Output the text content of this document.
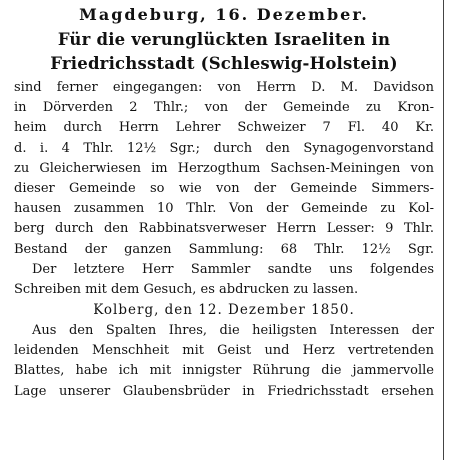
Magdeburg, 16. Dezember.
Für die verunglückten Israeliten in
Friedrichsstadt (Schleswig-Holstein)
sind ferner eingegangen: von Herrn D. M. Davidson
in Dörverden 2 Thlr.; von der Gemeinde zu Kron-
heim durch Herrn Lehrer Schweizer 7 Fl. 40 Kr.
d. i. 4 Thlr. 12½ Sgr.; durch den Synagogenvorstand
zu Gleicherwiesen im Herzogthum Sachsen-Meiningen von
dieser Gemeinde so wie von der Gemeinde Simmers-
hausen zusammen 10 Thlr. Von der Gemeinde zu Kol-
berg durch den Rabbinatsverweser Herrn Lesser: 9 Thlr.
Bestand der ganzen Sammlung: 68 Thlr. 12½ Sgr.
Der letztere Herr Sammler sandte uns folgendes
Schreiben mit dem Gesuch, es abdrucken zu lassen.
Kolberg, den 12. Dezember 1850.
Aus den Spalten Ihres, die heiligsten Interessen der
leidenden Menschheit mit Geist und Herz vertretenden
Blattes, habe ich mit innigster Rührung die jammervolle
Lage unserer Glaubensbrüder in Friedrichsstadt ersehen
